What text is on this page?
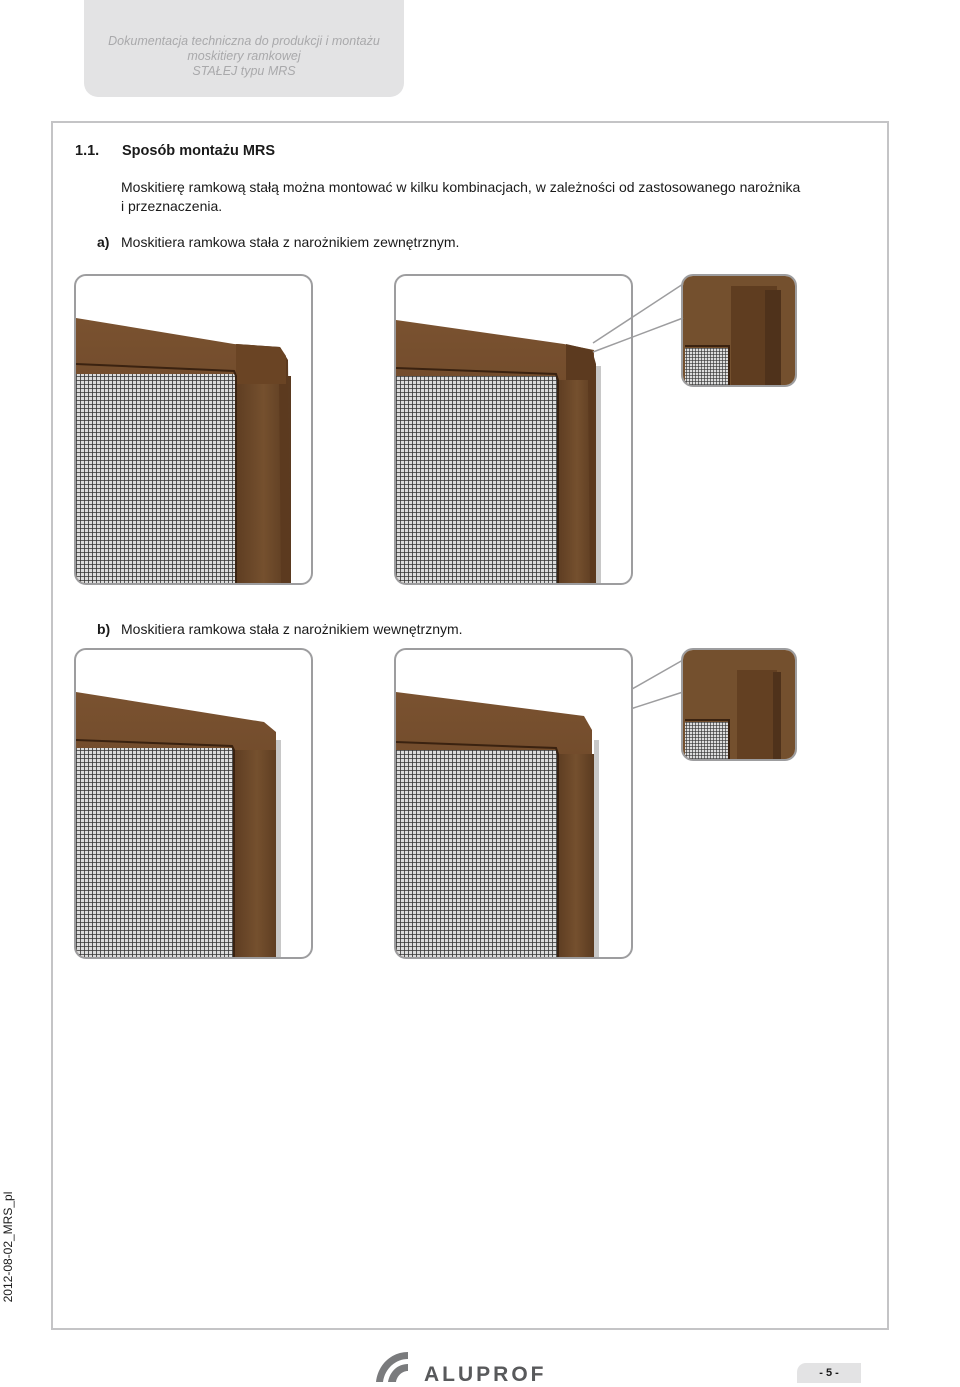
Dokumentacja techniczna do produkcji i montażu
moskitiery ramkowej
STAŁEJ typu MRS
1.1. Sposób montażu MRS
Moskitierę ramkową stałą można montować w kilku kombinacjach, w zależności od zastosowanego narożnika
i przeznaczenia.
a) Moskitiera ramkowa stała z narożnikiem zewnętrznym.
b) Moskitiera ramkowa stała z narożnikiem wewnętrznym.
2012-08-02_MRS_pl
ALUPROF	- 5 -
